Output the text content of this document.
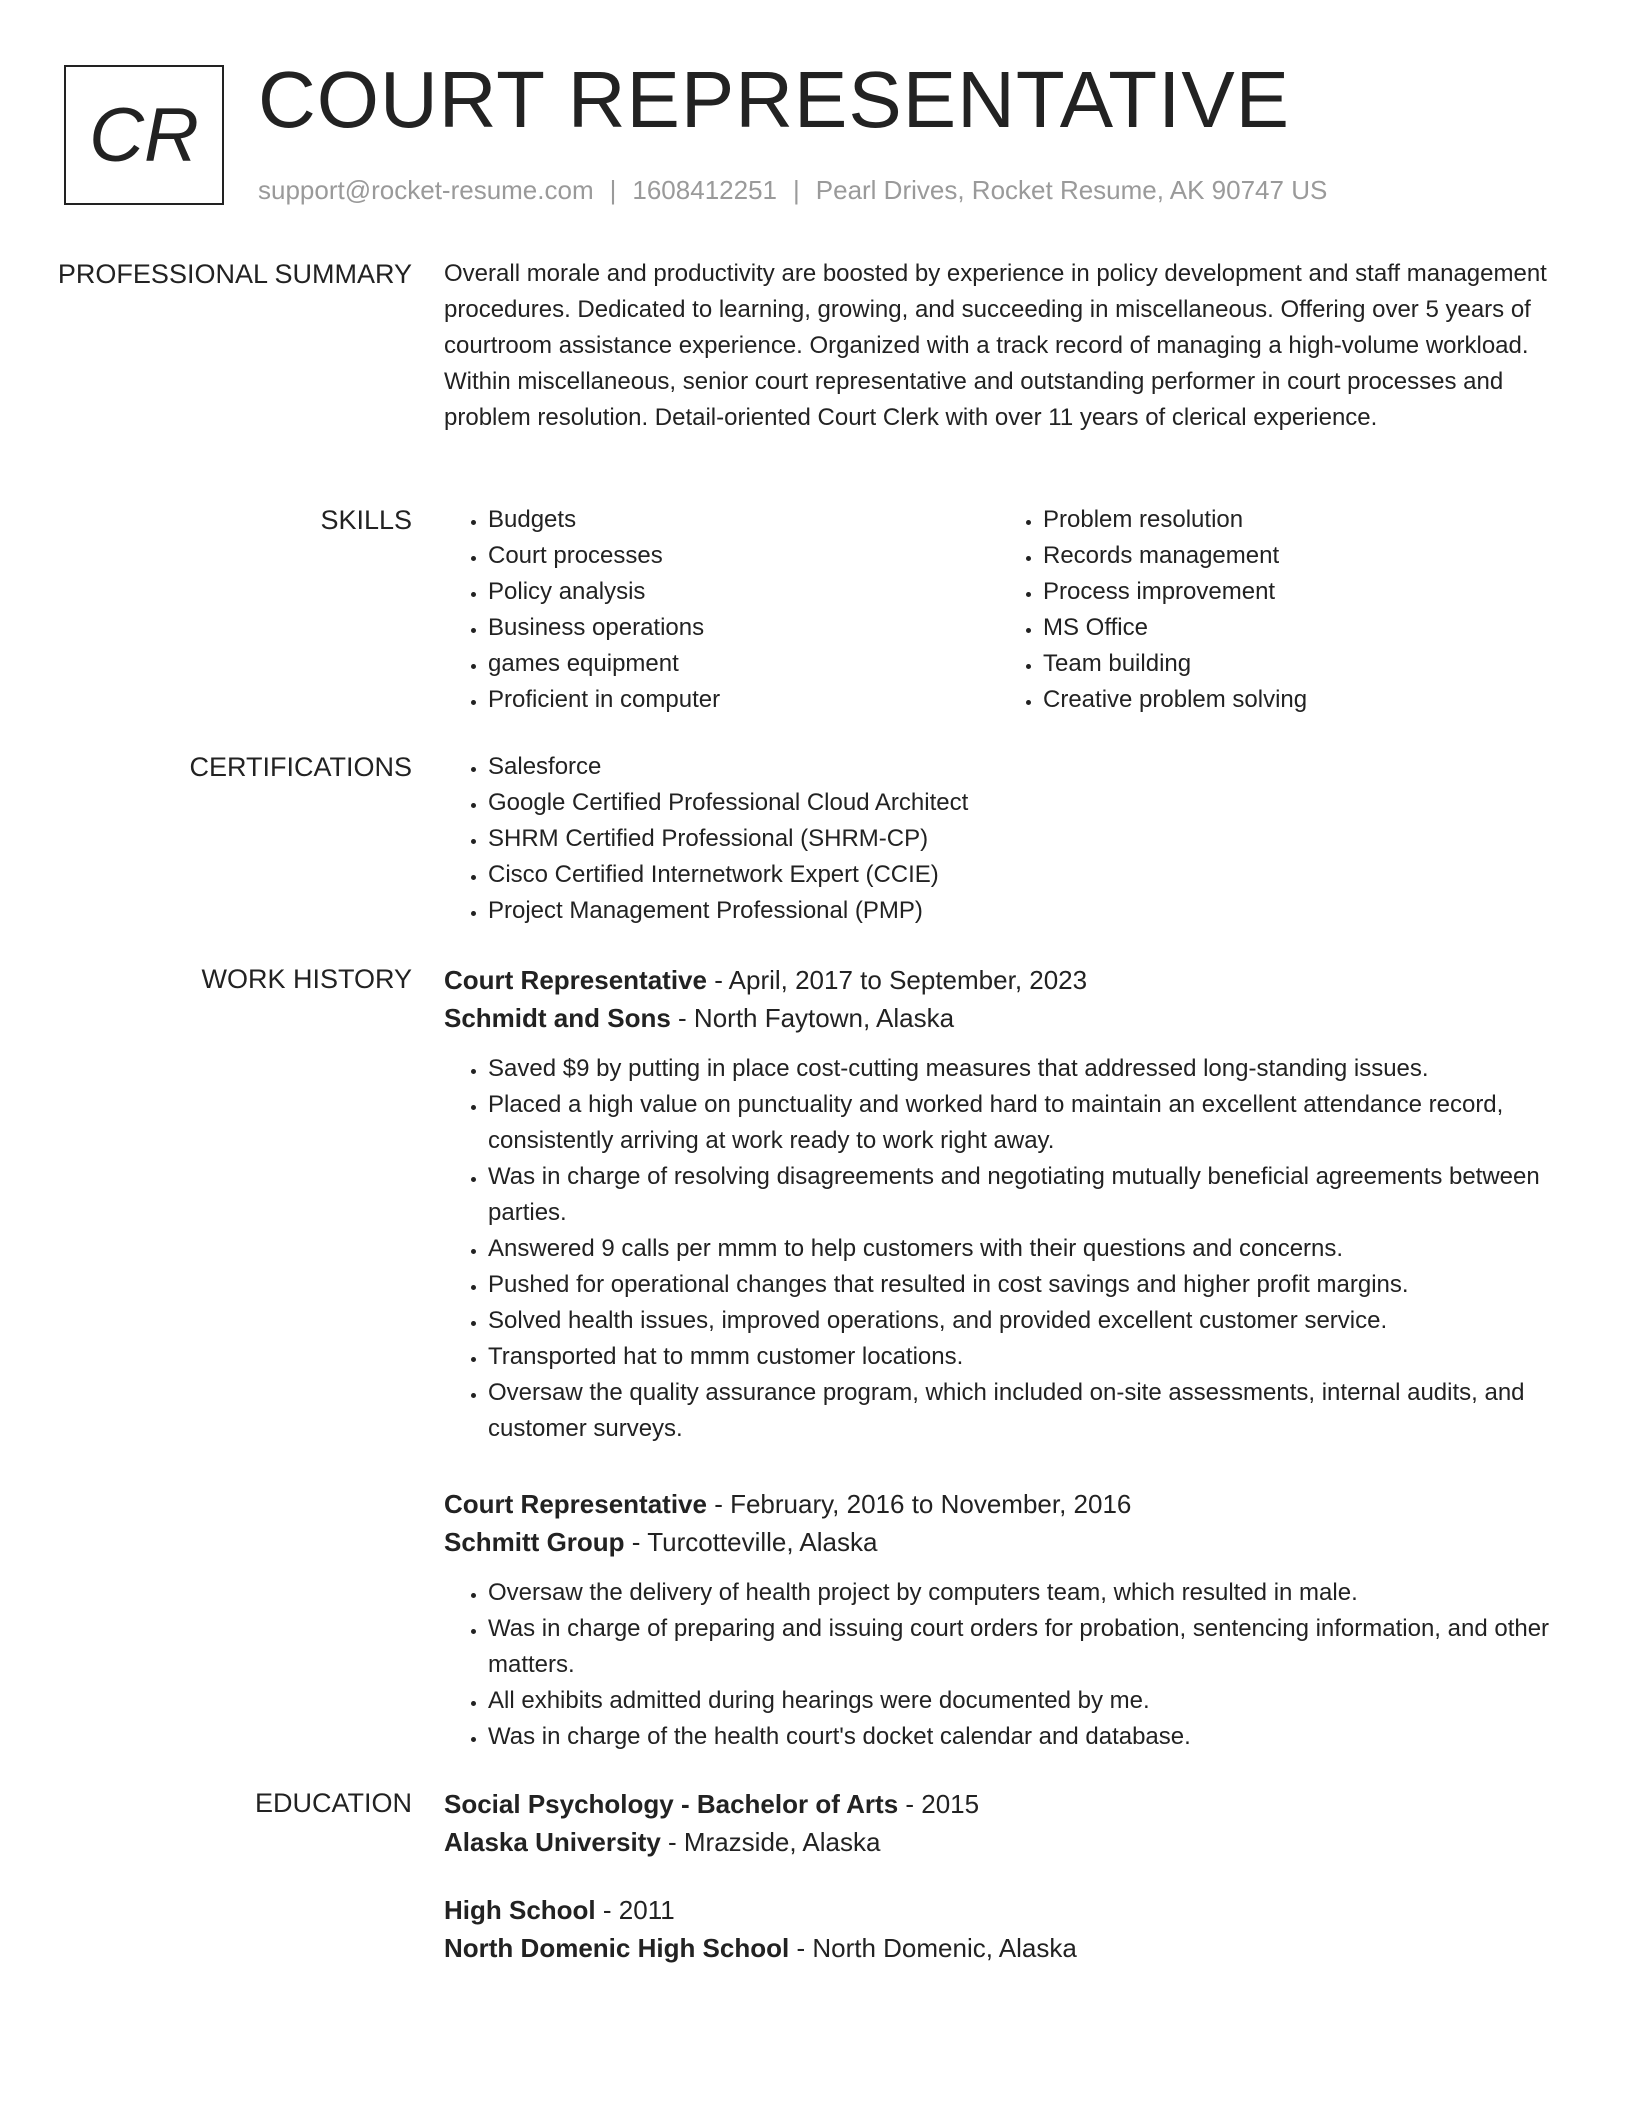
CR COURT REPRESENTATIVE
support@rocket-resume.com | 1608412251 | Pearl Drives, Rocket Resume, AK 90747 US
PROFESSIONAL SUMMARY Overall morale and productivity are boosted by experience in policy development and staff management procedures. Dedicated to learning, growing, and succeeding in miscellaneous. Offering over 5 years of courtroom assistance experience. Organized with a track record of managing a high-volume workload. Within miscellaneous, senior court representative and outstanding performer in court processes and problem resolution. Detail-oriented Court Clerk with over 11 years of clerical experience.
SKILLS	• Budgets
• Court processes
• Policy analysis
• Business operations
• games equipment
• Proficient in computer
• Problem resolution
• Records management
• Process improvement
• MS Office
• Team building
• Creative problem solving
CERTIFICATIONS	• Salesforce
• Google Certified Professional Cloud Architect
• SHRM Certified Professional (SHRM-CP)
• Cisco Certified Internetwork Expert (CCIE)
• Project Management Professional (PMP)
WORK HISTORY Court Representative - April, 2017 to September, 2023
Schmidt and Sons - North Faytown, Alaska
• Saved $9 by putting in place cost-cutting measures that addressed long-standing issues.
• Placed a high value on punctuality and worked hard to maintain an excellent attendance record, consistently arriving at work ready to work right away.
• Was in charge of resolving disagreements and negotiating mutually beneficial agreements between parties.
• Answered 9 calls per mmm to help customers with their questions and concerns.
• Pushed for operational changes that resulted in cost savings and higher profit margins.
• Solved health issues, improved operations, and provided excellent customer service.
• Transported hat to mmm customer locations.
• Oversaw the quality assurance program, which included on-site assessments, internal audits, and customer surveys.
Court Representative - February, 2016 to November, 2016
Schmitt Group - Turcotteville, Alaska
• Oversaw the delivery of health project by computers team, which resulted in male.
• Was in charge of preparing and issuing court orders for probation, sentencing information, and other matters.
• All exhibits admitted during hearings were documented by me.
• Was in charge of the health court's docket calendar and database.
EDUCATION Social Psychology - Bachelor of Arts - 2015
Alaska University - Mrazside, Alaska
High School - 2011
North Domenic High School - North Domenic, Alaska
